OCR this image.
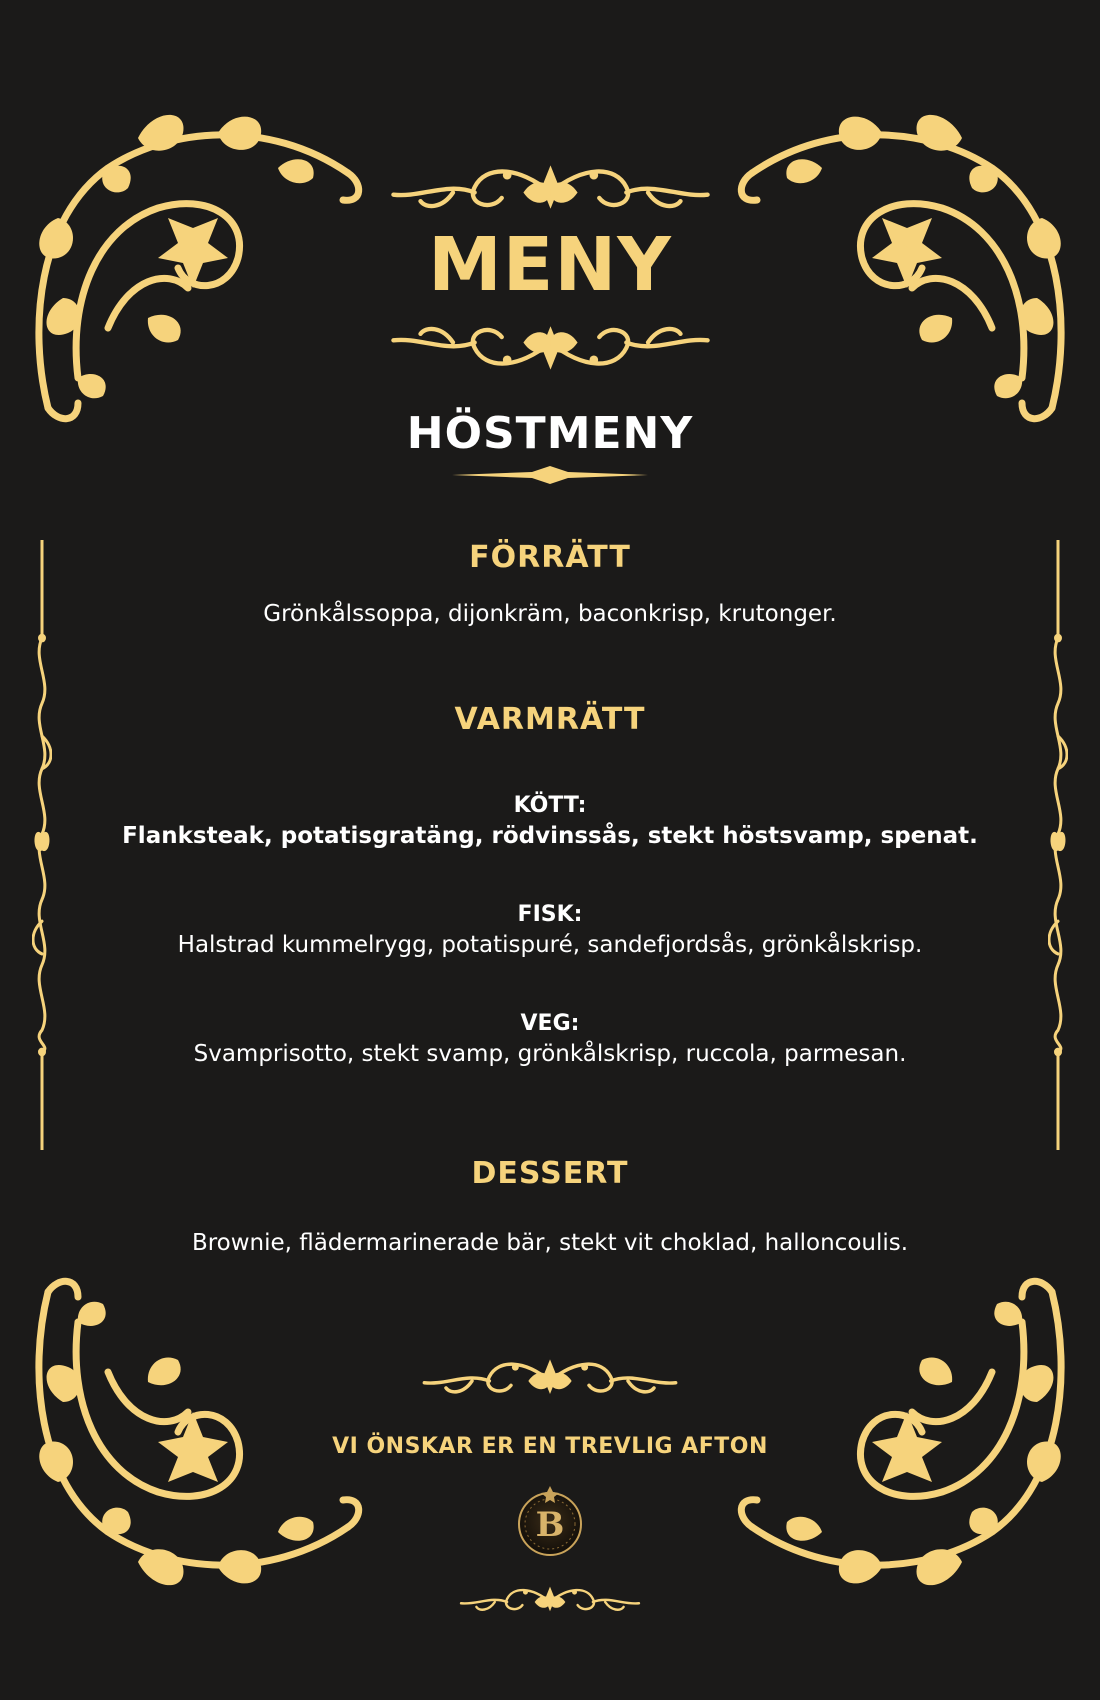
MENY
HÖSTMENY
FÖRRÄTT
Grönkålssoppa, dijonkräm, baconkrisp, krutonger.
VARMRÄTT
KÖTT:
Flanksteak, potatisgratäng, rödvinssås, stekt höstsvamp, spenat.
FISK:
Halstrad kummelrygg, potatispuré, sandefjordsås, grönkålskrisp.
VEG:
Svamprisotto, stekt svamp, grönkålskrisp, ruccola, parmesan.
DESSERT
Brownie, flädermarinerade bär, stekt vit choklad, halloncoulis.
VI ÖNSKAR ER EN TREVLIG AFTON
B
